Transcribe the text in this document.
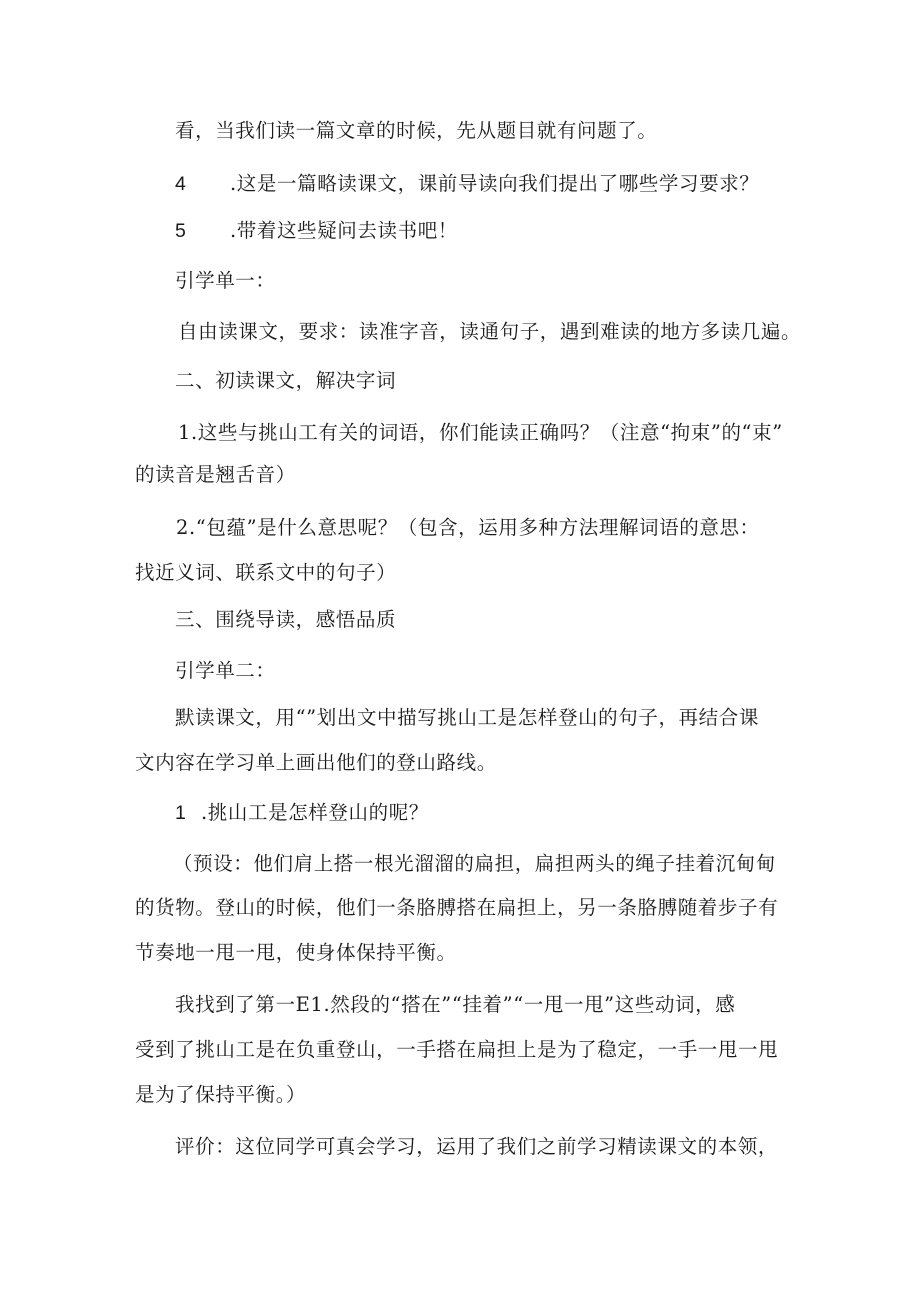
看，当我们读一篇文章的时候，先从题目就有问题了。
4 .这是一篇略读课文，课前导读向我们提出了哪些学习要求？
5 .带着这些疑问去读书吧！
引学单一：
自由读课文，要求：读准字音，读通句子，遇到难读的地方多读几遍。
二、初读课文，解决字词
1.这些与挑山工有关的词语，你们能读正确吗？（注意“拘束”的“束”
的读音是翘舌音）
2.“包蕴”是什么意思呢？（包含，运用多种方法理解词语的意思：
找近义词、联系文中的句子）
三、围绕导读，感悟品质
引学单二：
默读课文，用“”划出文中描写挑山工是怎样登山的句子，再结合课
文内容在学习单上画出他们的登山路线。
1 .挑山工是怎样登山的呢？
（预设：他们肩上搭一根光溜溜的扁担，扁担两头的绳子挂着沉甸甸
的货物。登山的时候，他们一条胳膊搭在扁担上，另一条胳膊随着步子有
节奏地一甩一甩，使身体保持平衡。
我找到了第一E1.然段的“搭在”“挂着”“一甩一甩”这些动词，感
受到了挑山工是在负重登山，一手搭在扁担上是为了稳定，一手一甩一甩
是为了保持平衡。）
评价：这位同学可真会学习，运用了我们之前学习精读课文的本领，
